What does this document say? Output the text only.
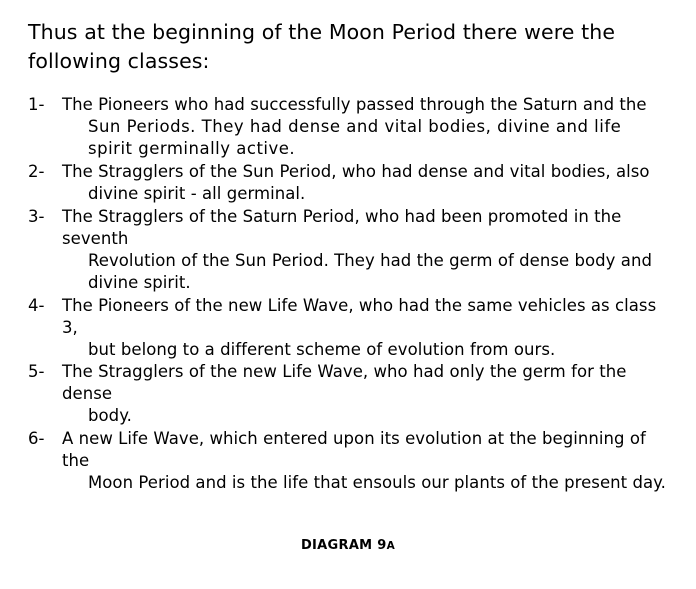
Thus at the beginning of the Moon Period there were the
following classes:

1-	The Pioneers who had successfully passed through the Saturn and the
Sun Periods. They had dense and vital bodies, divine and life
spirit germinally active.
2-	The Stragglers of the Sun Period, who had dense and vital bodies, also
divine spirit - all germinal.
3-	The Stragglers of the Saturn Period, who had been promoted in the seventh
Revolution of the Sun Period. They had the germ of dense body and
divine spirit.
4-	The Pioneers of the new Life Wave, who had the same vehicles as class 3,
but belong to a different scheme of evolution from ours.
5-	The Stragglers of the new Life Wave, who had only the germ for the dense
body.
6-	A new Life Wave, which entered upon its evolution at the beginning of the
Moon Period and is the life that ensouls our plants of the present day.
DIAGRAM 9A
